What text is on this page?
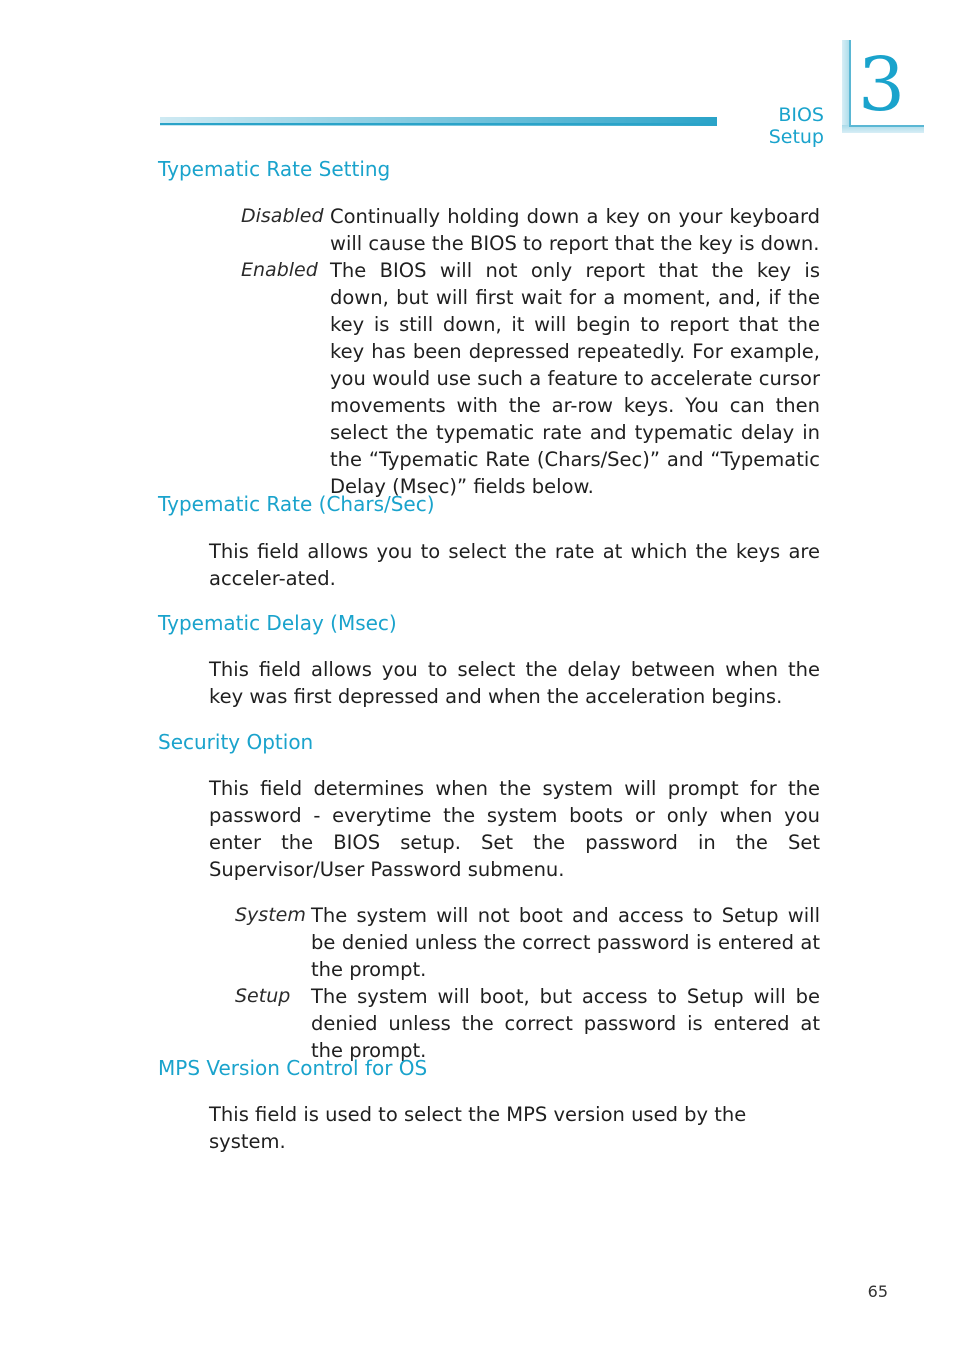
BIOS Setup
3
Typematic Rate Setting
Disabled Continually holding down a key on your keyboard will cause the BIOS to report that the key is down.
Enabled The BIOS will not only report that the key is down, but will first wait for a moment, and, if the key is still down, it will begin to report that the key has been depressed repeatedly. For example, you would use such a feature to accelerate cursor movements with the ar-row keys. You can then select the typematic rate and typematic delay in the “Typematic Rate (Chars/Sec)” and “Typematic Delay (Msec)” fields below.
Typematic Rate (Chars/Sec)
This field allows you to select the rate at which the keys are acceler-ated.
Typematic Delay (Msec)
This field allows you to select the delay between when the key was first depressed and when the acceleration begins.
Security Option
This field determines when the system will prompt for the password - everytime the system boots or only when you enter the BIOS setup. Set the password in the Set Supervisor/User Password submenu.
System The system will not boot and access to Setup will be denied unless the correct password is entered at the prompt.
Setup The system will boot, but access to Setup will be denied unless the correct password is entered at the prompt.
MPS Version Control for OS
This field is used to select the MPS version used by the system.
65
